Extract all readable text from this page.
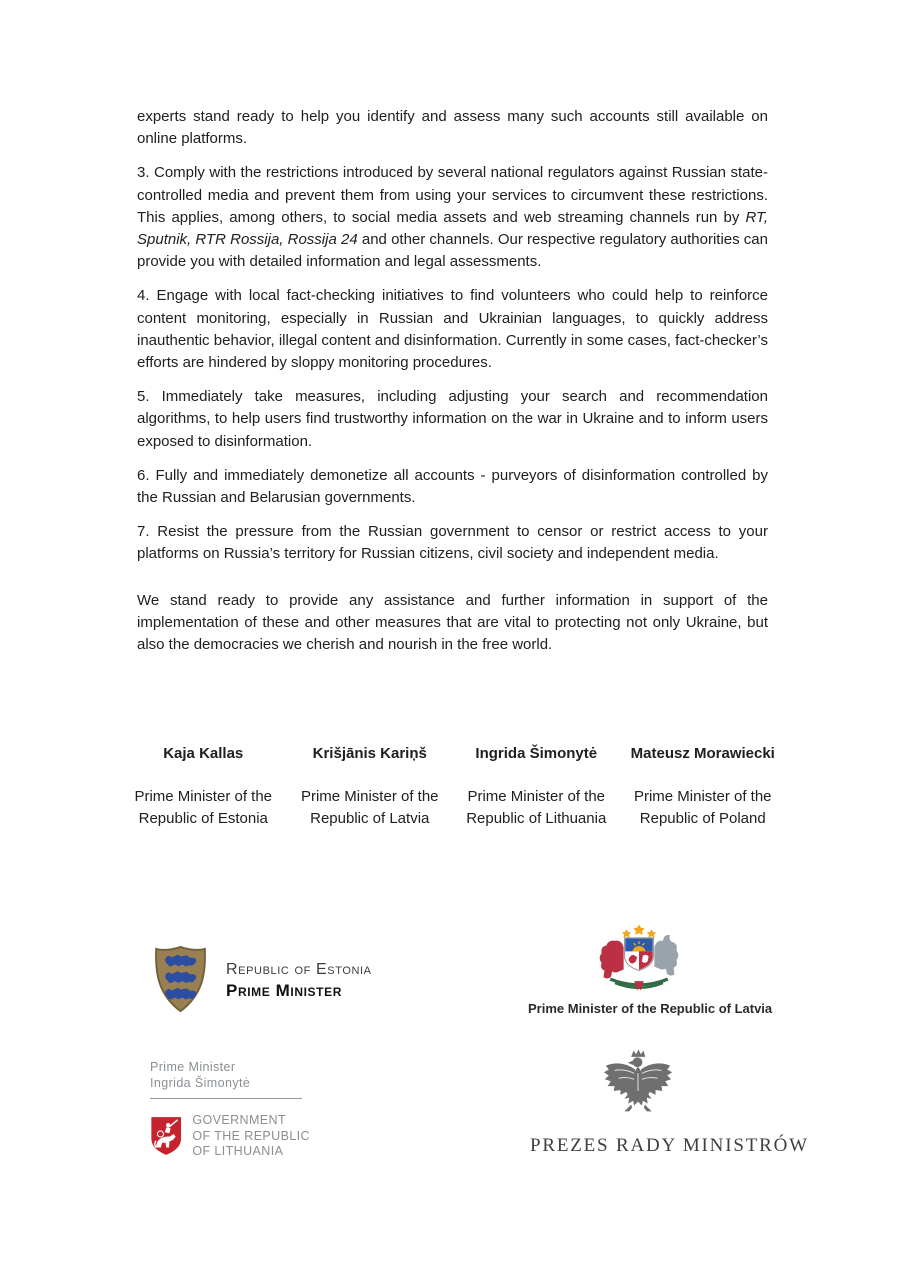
experts stand ready to help you identify and assess many such accounts still available on online platforms.

3. Comply with the restrictions introduced by several national regulators against Russian state-controlled media and prevent them from using your services to circumvent these restrictions. This applies, among others, to social media assets and web streaming channels run by RT, Sputnik, RTR Rossija, Rossija 24 and other channels. Our respective regulatory authorities can provide you with detailed information and legal assessments.

4. Engage with local fact-checking initiatives to find volunteers who could help to reinforce content monitoring, especially in Russian and Ukrainian languages, to quickly address inauthentic behavior, illegal content and disinformation. Currently in some cases, fact-checker’s efforts are hindered by sloppy monitoring procedures.

5. Immediately take measures, including adjusting your search and recommendation algorithms, to help users find trustworthy information on the war in Ukraine and to inform users exposed to disinformation.

6. Fully and immediately demonetize all accounts - purveyors of disinformation controlled by the Russian and Belarusian governments.

7. Resist the pressure from the Russian government to censor or restrict access to your platforms on Russia’s territory for Russian citizens, civil society and independent media.

We stand ready to provide any assistance and further information in support of the implementation of these and other measures that are vital to protecting not only Ukraine, but also the democracies we cherish and nourish in the free world.

Kaja Kallas
Prime Minister of the
Republic of Estonia
Krišjānis Kariņš
Prime Minister of the
Republic of Latvia
Ingrida Šimonytė
Prime Minister of the
Republic of Lithuania
Mateusz Morawiecki
Prime Minister of the
Republic of Poland
Republic of Estonia
Prime Minister
Prime Minister of the Republic of Latvia
Prime Minister
Ingrida Šimonytė
GOVERNMENT
OF THE REPUBLIC
OF LITHUANIA	PREZES RADY MINISTRÓW
